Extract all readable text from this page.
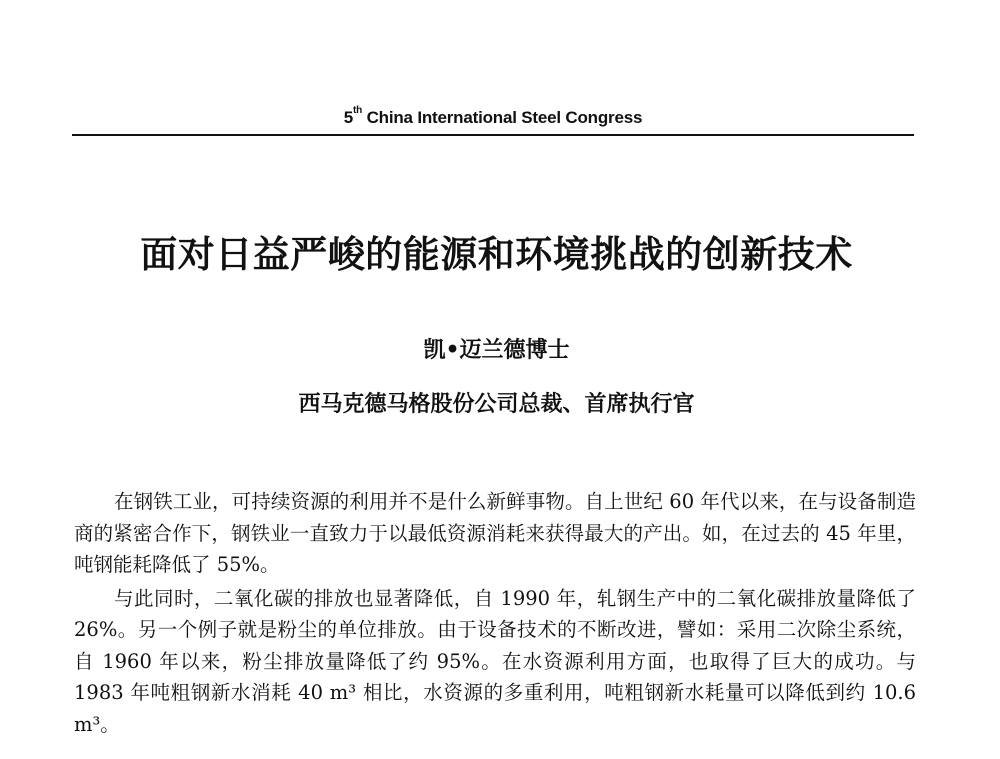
5th China International Steel Congress
面对日益严峻的能源和环境挑战的创新技术
凯•迈兰德博士
西马克德马格股份公司总裁、首席执行官

在钢铁工业，可持续资源的利用并不是什么新鲜事物。自上世纪 60 年代以来，在与设备制造商的紧密合作下，钢铁业一直致力于以最低资源消耗来获得最大的产出。如，在过去的 45 年里，吨钢能耗降低了 55%。

与此同时，二氧化碳的排放也显著降低，自 1990 年，轧钢生产中的二氧化碳排放量降低了 26%。另一个例子就是粉尘的单位排放。由于设备技术的不断改进，譬如：采用二次除尘系统，自 1960 年以来，粉尘排放量降低了约 95%。在水资源利用方面，也取得了巨大的成功。与 1983 年吨粗钢新水消耗 40 m³ 相比，水资源的多重利用，吨粗钢新水耗量可以降低到约 10.6 m³。
